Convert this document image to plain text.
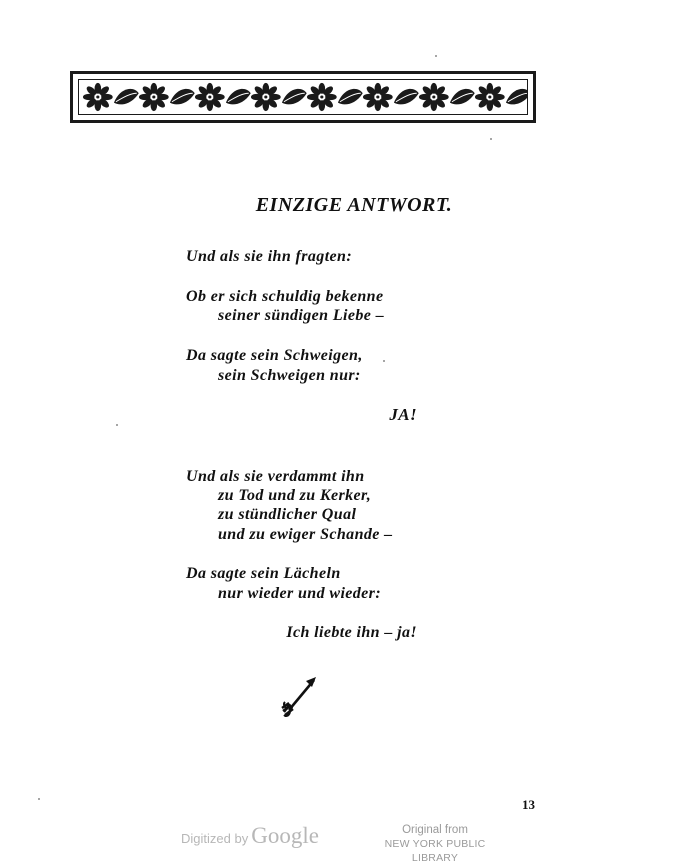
EINZIGE ANTWORT.
Und als sie ihn fragten:
Ob er sich schuldig bekenne
seiner sündigen Liebe –
Da sagte sein Schweigen,
sein Schweigen nur:
JA!
Und als sie verdammt ihn
zu Tod und zu Kerker,
zu stündlicher Qual
und zu ewiger Schande –
Da sagte sein Lächeln
nur wieder und wieder:
Ich liebte ihn – ja!
13
Digitized by Google	Original from
NEW YORK PUBLIC LIBRARY
